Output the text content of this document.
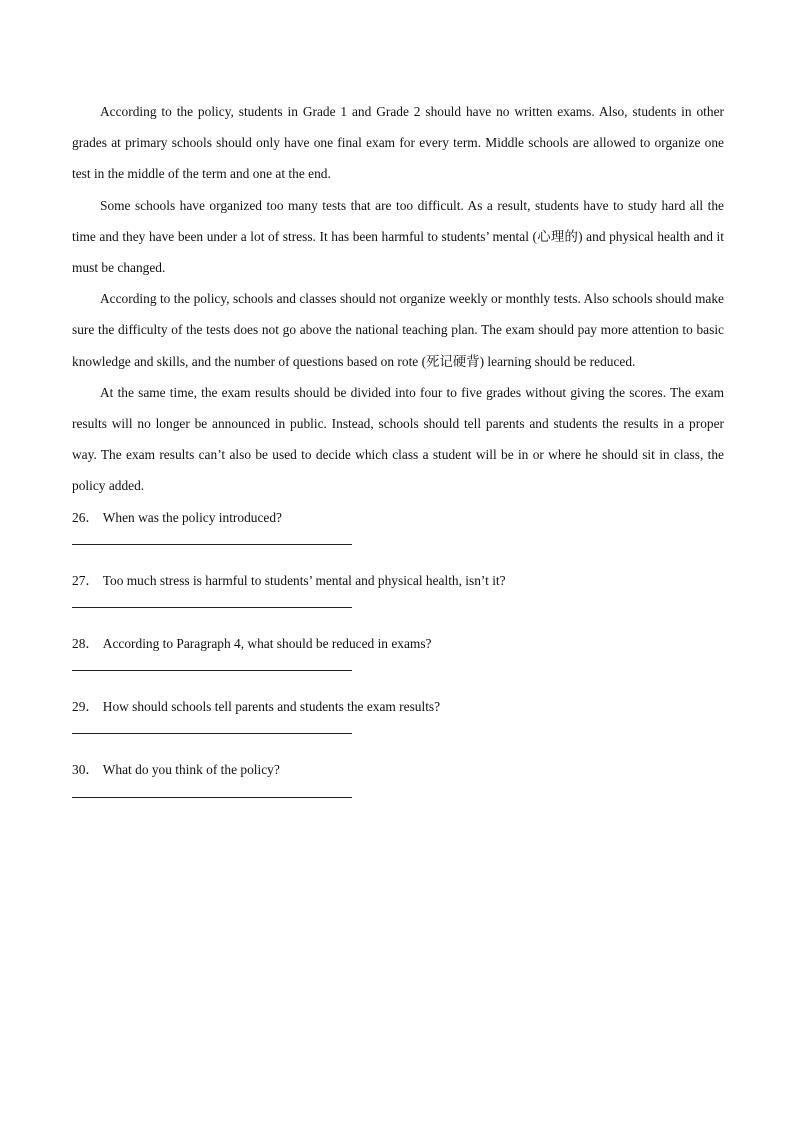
According to the policy, students in Grade 1 and Grade 2 should have no written exams. Also, students in other grades at primary schools should only have one final exam for every term. Middle schools are allowed to organize one test in the middle of the term and one at the end.

Some schools have organized too many tests that are too difficult. As a result, students have to study hard all the time and they have been under a lot of stress. It has been harmful to students’ mental (心理的) and physical health and it must be changed.

According to the policy, schools and classes should not organize weekly or monthly tests. Also schools should make sure the difficulty of the tests does not go above the national teaching plan. The exam should pay more attention to basic knowledge and skills, and the number of questions based on rote (死记硬背) learning should be reduced.

At the same time, the exam results should be divided into four to five grades without giving the scores. The exam results will no longer be announced in public. Instead, schools should tell parents and students the results in a proper way. The exam results can’t also be used to decide which class a student will be in or where he should sit in class, the policy added.

26． When was the policy introduced?

27． Too much stress is harmful to students’ mental and physical health, isn’t it?

28． According to Paragraph 4, what should be reduced in exams?

29． How should schools tell parents and students the exam results?

30． What do you think of the policy?
